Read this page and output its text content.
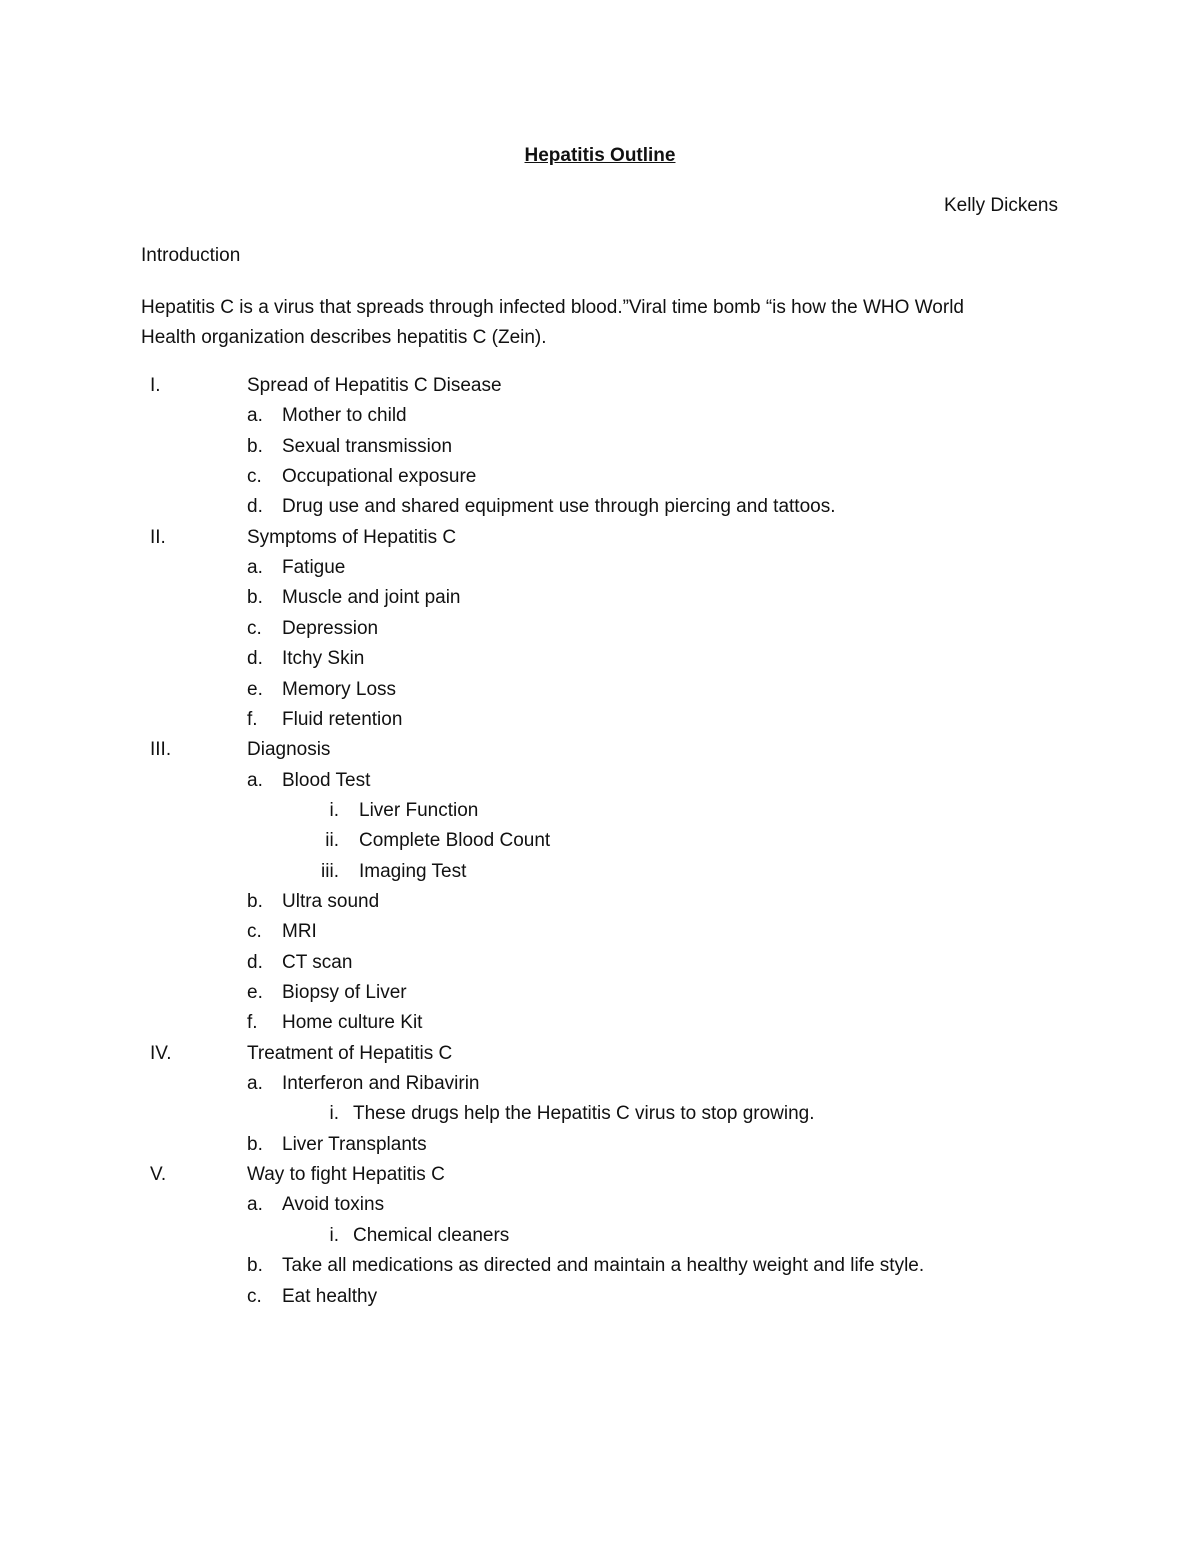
Hepatitis Outline
Kelly Dickens
Introduction
Hepatitis C is a virus that spreads through infected blood.”Viral time bomb “is how the WHO World
Health organization describes hepatitis C (Zein).
I.	Spread of Hepatitis C Disease
a. Mother to child
b. Sexual transmission
c. Occupational exposure
d. Drug use and shared equipment use through piercing and tattoos.
II.	Symptoms of Hepatitis C
a. Fatigue
b. Muscle and joint pain
c. Depression
d. Itchy Skin
e. Memory Loss
f. Fluid retention
III.	Diagnosis
a. Blood Test
i. Liver Function
ii. Complete Blood Count
iii. Imaging Test
b. Ultra sound
c. MRI
d. CT scan
e. Biopsy of Liver
f. Home culture Kit
IV.	Treatment of Hepatitis C
a. Interferon and Ribavirin
i. These drugs help the Hepatitis C virus to stop growing.
b. Liver Transplants
V.	Way to fight Hepatitis C
a. Avoid toxins
i. Chemical cleaners
b. Take all medications as directed and maintain a healthy weight and life style.
c. Eat healthy
